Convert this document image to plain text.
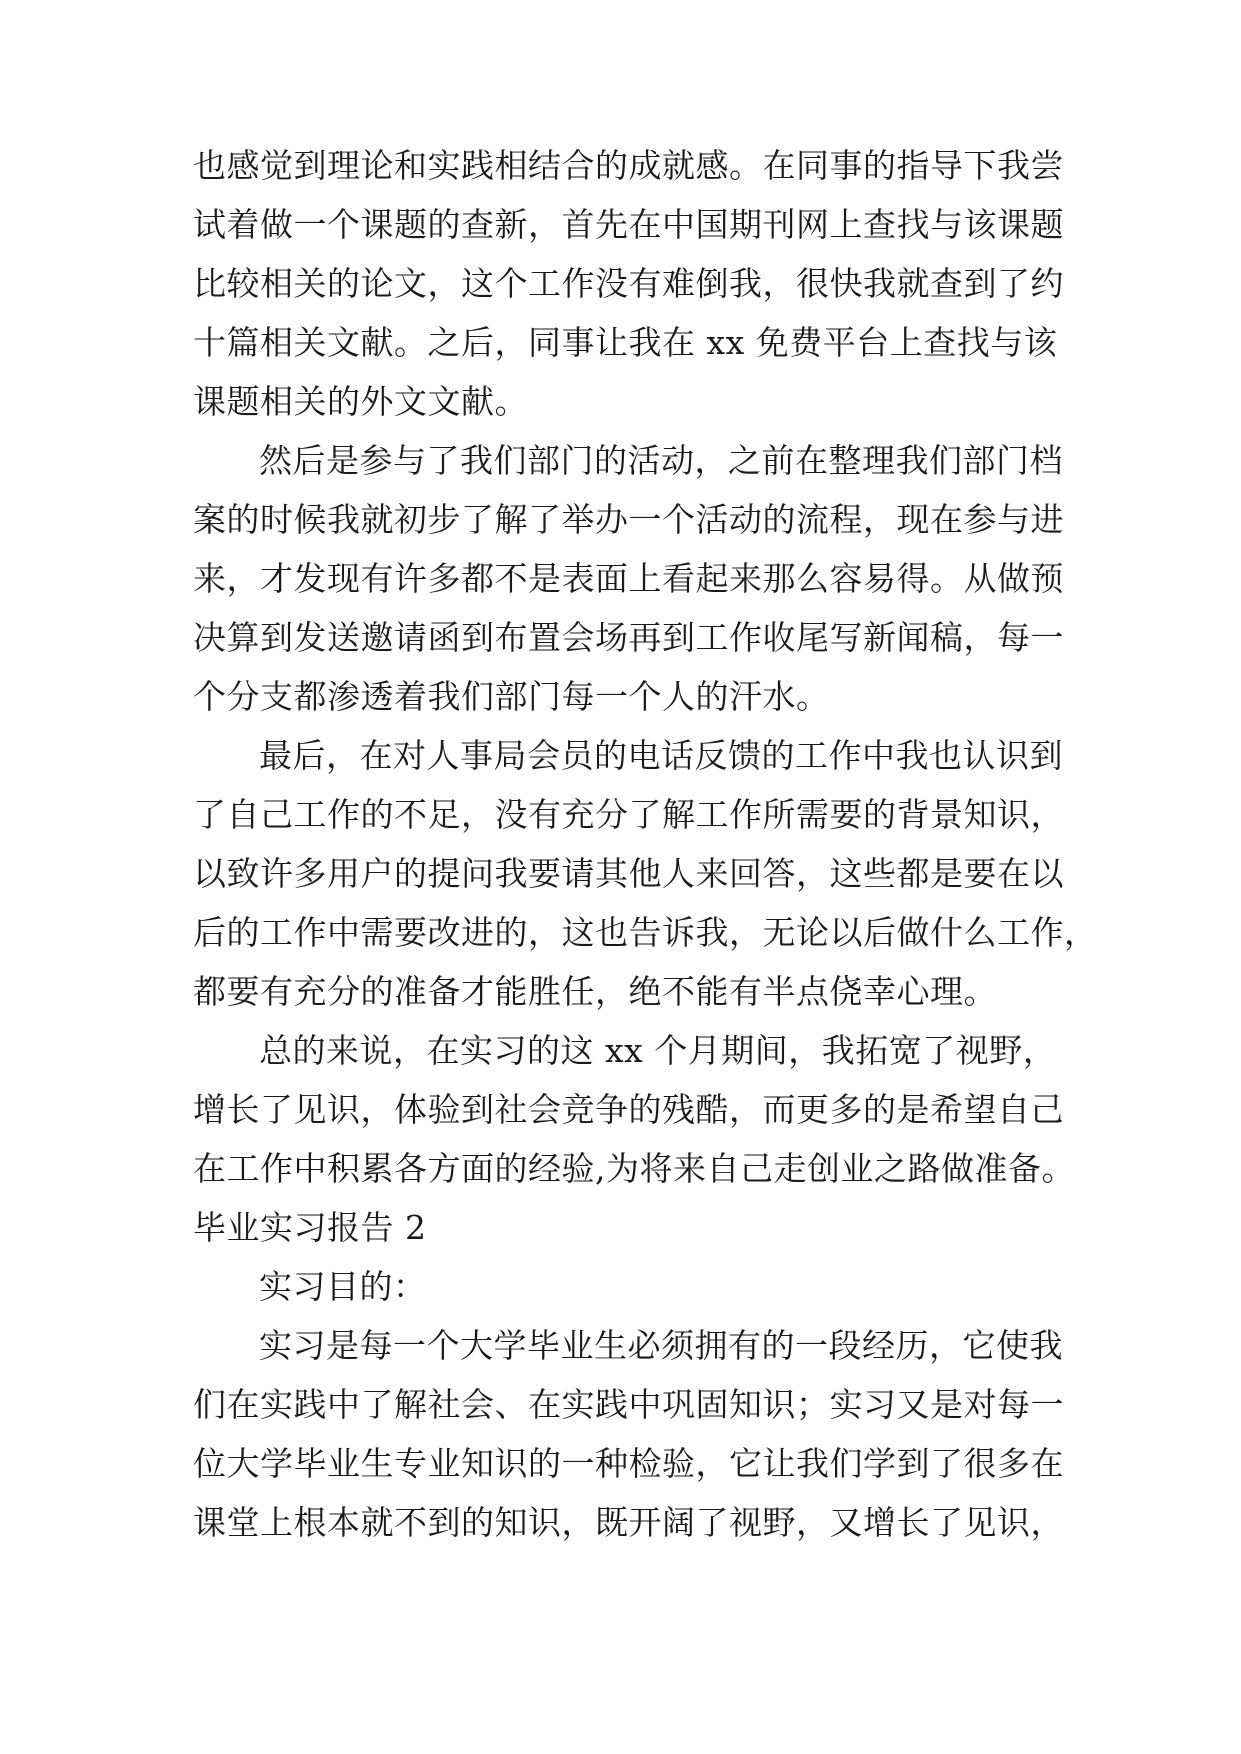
也感觉到理论和实践相结合的成就感。在同事的指导下我尝
试着做一个课题的查新，首先在中国期刊网上查找与该课题
比较相关的论文，这个工作没有难倒我，很快我就查到了约
十篇相关文献。之后，同事让我在 xx 免费平台上查找与该
课题相关的外文文献。
然后是参与了我们部门的活动，之前在整理我们部门档
案的时候我就初步了解了举办一个活动的流程，现在参与进
来，才发现有许多都不是表面上看起来那么容易得。从做预
决算到发送邀请函到布置会场再到工作收尾写新闻稿，每一
个分支都渗透着我们部门每一个人的汗水。
最后，在对人事局会员的电话反馈的工作中我也认识到
了自己工作的不足，没有充分了解工作所需要的背景知识，
以致许多用户的提问我要请其他人来回答，这些都是要在以
后的工作中需要改进的，这也告诉我，无论以后做什么工作，
都要有充分的准备才能胜任，绝不能有半点侥幸心理。
总的来说，在实习的这 xx 个月期间，我拓宽了视野，
增长了见识，体验到社会竞争的残酷，而更多的是希望自己
在工作中积累各方面的经验,为将来自己走创业之路做准备。
毕业实习报告 2
实习目的：
实习是每一个大学毕业生必须拥有的一段经历，它使我
们在实践中了解社会、在实践中巩固知识；实习又是对每一
位大学毕业生专业知识的一种检验，它让我们学到了很多在
课堂上根本就不到的知识，既开阔了视野，又增长了见识，
